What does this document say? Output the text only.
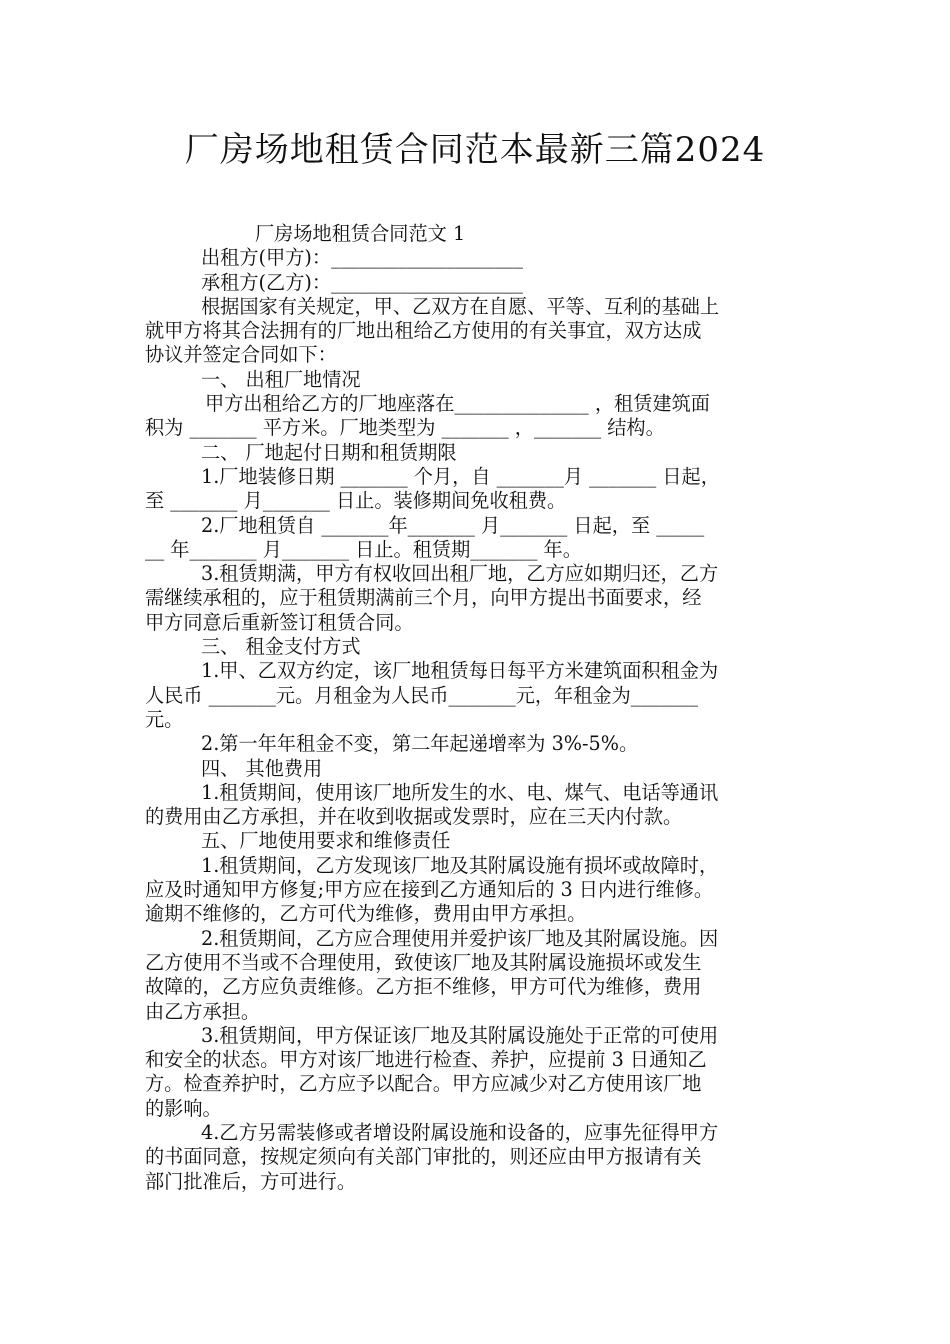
厂房场地租赁合同范本最新三篇2024
厂房场地租赁合同范文 1
出租方(甲方)：____________________
承租方(乙方)：____________________
根据国家有关规定，甲、乙双方在自愿、平等、互利的基础上
就甲方将其合法拥有的厂地出租给乙方使用的有关事宜，双方达成
协议并签定合同如下：
一、 出租厂地情况
甲方出租给乙方的厂地座落在______________ ，租赁建筑面
积为 _______ 平方米。厂地类型为 _______ ，_______ 结构。
二、 厂地起付日期和租赁期限
1.厂地装修日期 _______ 个月，自 _______月 _______ 日起，
至 _______ 月_______ 日止。装修期间免收租费。
2.厂地租赁自 _______年_______ 月_______ 日起，至 _____
__ 年_______ 月_______ 日止。租赁期_______ 年。
3.租赁期满，甲方有权收回出租厂地，乙方应如期归还，乙方
需继续承租的，应于租赁期满前三个月，向甲方提出书面要求，经
甲方同意后重新签订租赁合同。
三、 租金支付方式
1.甲、乙双方约定，该厂地租赁每日每平方米建筑面积租金为
人民币 _______元。月租金为人民币_______元，年租金为_______
元。
2.第一年年租金不变，第二年起递增率为 3%-5%。
四、 其他费用
1.租赁期间，使用该厂地所发生的水、电、煤气、电话等通讯
的费用由乙方承担，并在收到收据或发票时，应在三天内付款。
五、厂地使用要求和维修责任
1.租赁期间，乙方发现该厂地及其附属设施有损坏或故障时，
应及时通知甲方修复;甲方应在接到乙方通知后的 3 日内进行维修。
逾期不维修的，乙方可代为维修，费用由甲方承担。
2.租赁期间，乙方应合理使用并爱护该厂地及其附属设施。因
乙方使用不当或不合理使用，致使该厂地及其附属设施损坏或发生
故障的，乙方应负责维修。乙方拒不维修，甲方可代为维修，费用
由乙方承担。
3.租赁期间，甲方保证该厂地及其附属设施处于正常的可使用
和安全的状态。甲方对该厂地进行检查、养护，应提前 3 日通知乙
方。检查养护时，乙方应予以配合。甲方应减少对乙方使用该厂地
的影响。
4.乙方另需装修或者增设附属设施和设备的，应事先征得甲方
的书面同意，按规定须向有关部门审批的，则还应由甲方报请有关
部门批准后，方可进行。
